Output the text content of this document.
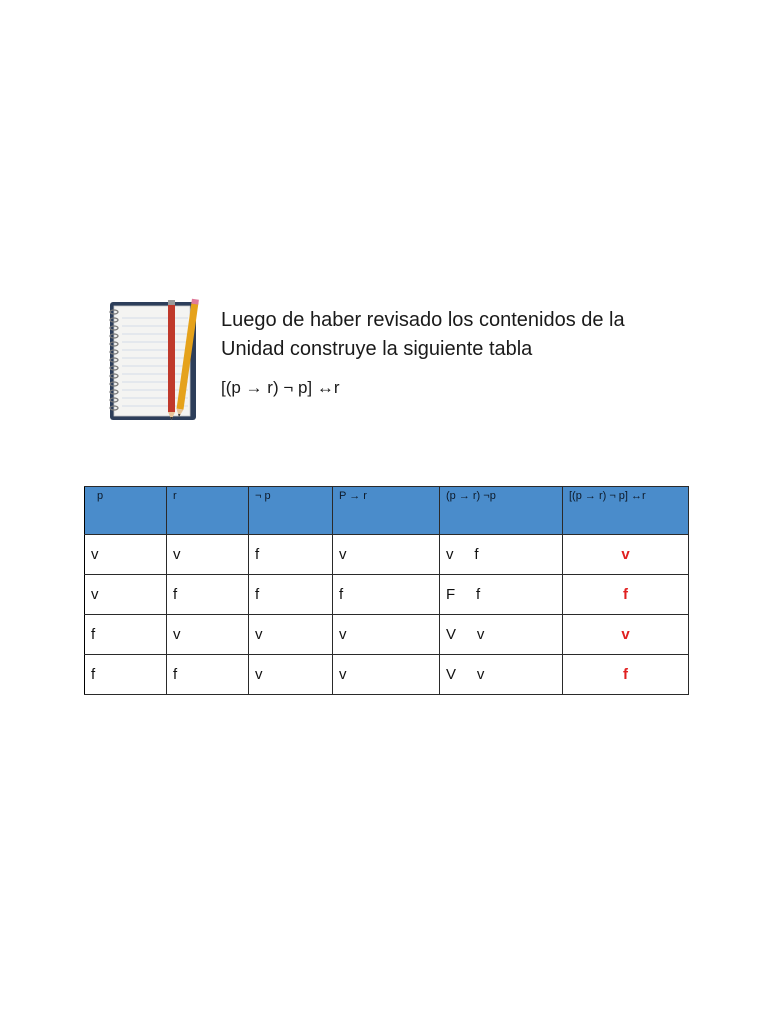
Luego de haber revisado los contenidos de la

Unidad construye la siguiente tabla

[(p → r) ¬ p] ↔r
p	r	¬ p	P → r	(p → r) ¬p	[(p → r) ¬ p] ↔r
v	v	f	v	v     f	v
v	f	f	f	F     f	f
f	v	v	v	V     v	v
f	f	v	v	V     v	f
